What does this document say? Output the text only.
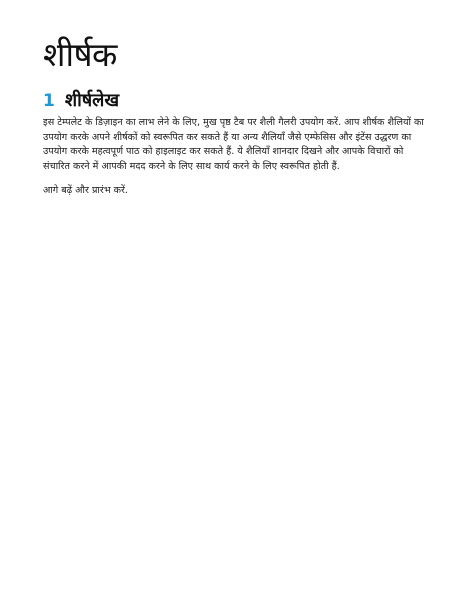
शीर्षक
1 शीर्षलेख

इस टेम्पलेट के डिज़ाइन का लाभ लेने के लिए, मुख पृष्ठ टैब पर शैली गैलरी उपयोग करें. आप शीर्षक शैलियों का उपयोग करके अपने शीर्षकों को स्वरूपित कर सकते हैं या अन्य शैलियाँ जैसे एम्फेसिस और इंटेंस उद्धरण का उपयोग करके महत्वपूर्ण पाठ को हाइलाइट कर सकते हैं. ये शैलियाँ शानदार दिखने और आपके विचारों को संचारित करने में आपकी मदद करने के लिए साथ कार्य करने के लिए स्वरूपित होती हैं.

आगे बढ़ें और प्रारंभ करें.
